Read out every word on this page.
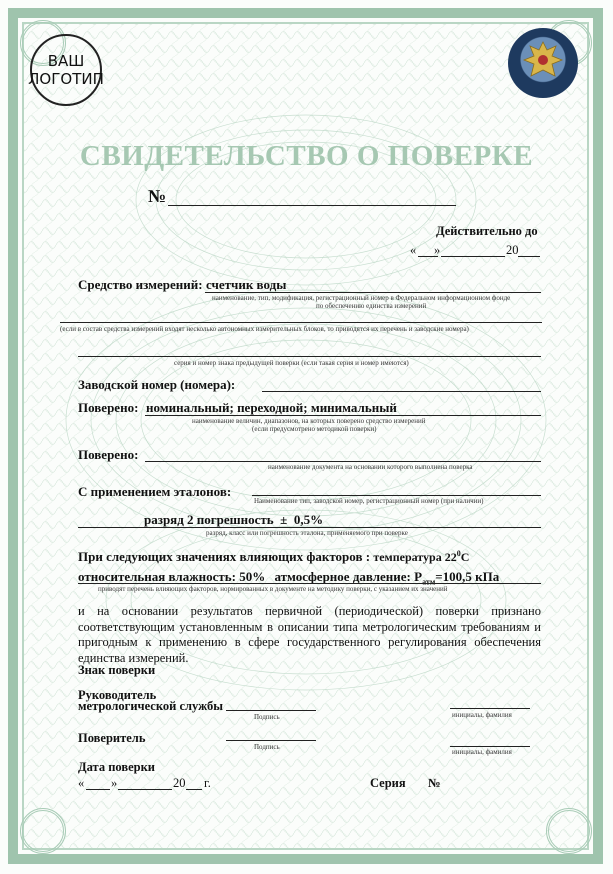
ВАШ
ЛОГОТИП
СВИДЕТЕЛЬСТВО О ПОВЕРКЕ
№
Действительно до
« »	20
Средство измерений: счетчик воды
наименование, тип, модификация, регистрационный номер в Федеральном информационном фонде
по обеспечению единства измерений
(если в состав средства измерений входят несколько автономных измерительных блоков, то приводятся их перечень и заводские номера)
серия и номер знака предыдущей поверки (если такая серия и номер имеются)
Заводской номер (номера):
Поверено: номинальный; переходной; минимальный
наименование величин, диапазонов, на которых поверено средство измерений
(если предусмотрено методикой поверки)
Поверено:
наименование документа на основании которого выполнена поверка
С применением эталонов:
Наименование тип, заводской номер, регистрационный номер (при наличии)
разряд 2 погрешность  ±  0,5%
разряд, класс или погрешность эталона, применяемого при поверке
При следующих значениях влияющих факторов : температура $22^0С$
относительная влажность: 50% атмосферное давление: $P_{атм}=100,5$ кПа
приводят перечень влияющих факторов, нормированных в документе на методику поверки, с указанием их значений
и на основании результатов первичной (периодической) поверки признано соответствующим установленным в описании типа метрологическим требованиям и пригодным к применению в сфере государственного регулирования обеспечения единства измерений.
Знак поверки
Руководитель
метрологической службы
Подпись	инициалы, фамилия
Поверитель
Подпись
инициалы, фамилия
Дата поверки
« »	20 г.	Серия №
